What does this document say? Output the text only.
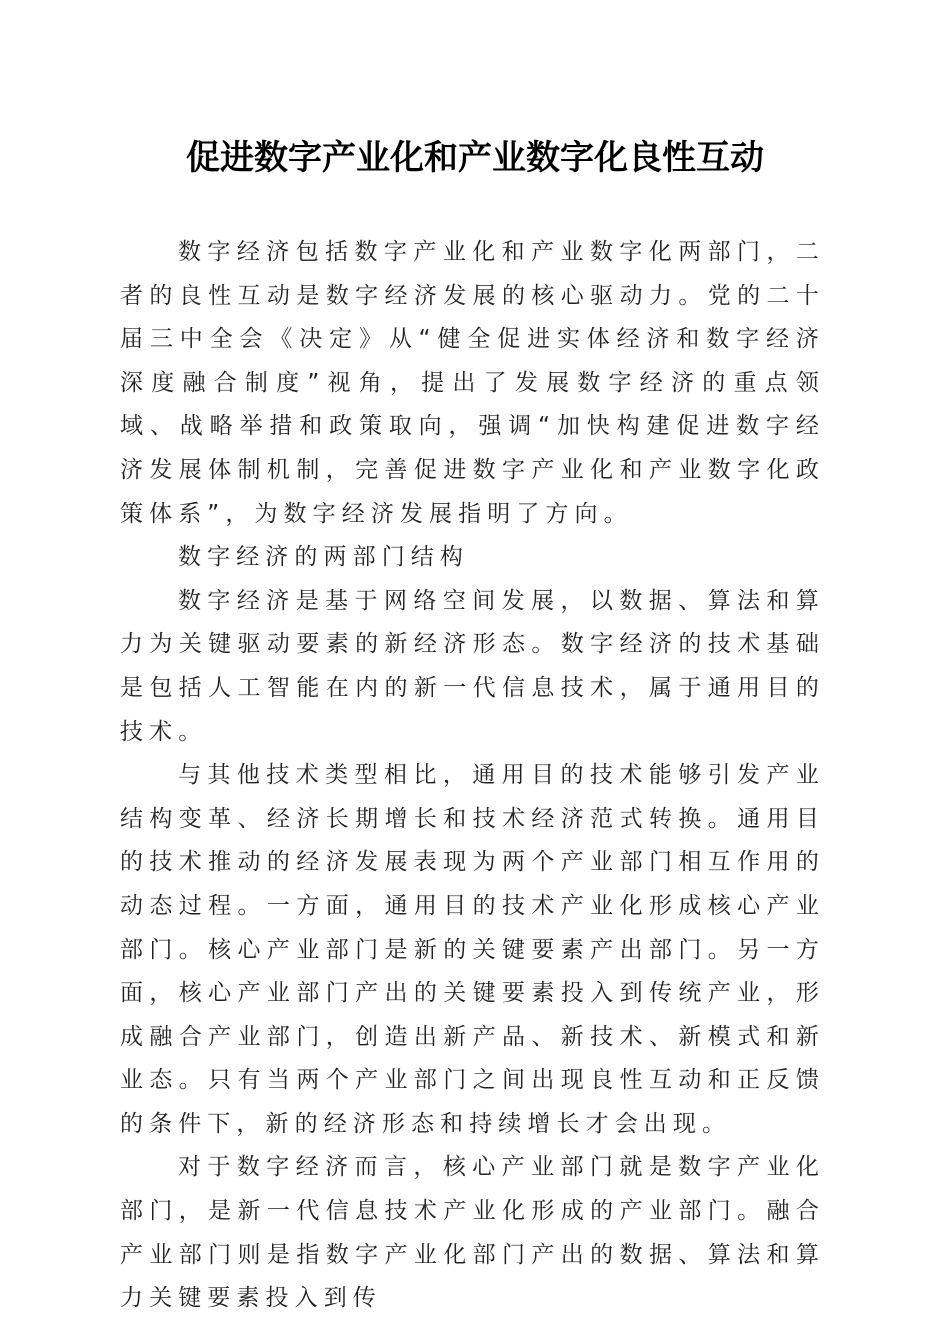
促进数字产业化和产业数字化良性互动

数字经济包括数字产业化和产业数字化两部门，二者的良性互动是数字经济发展的核心驱动力。党的二十届三中全会《决定》从“健全促进实体经济和数字经济深度融合制度”视角，提出了发展数字经济的重点领域、战略举措和政策取向，强调“加快构建促进数字经济发展体制机制，完善促进数字产业化和产业数字化政策体系”，为数字经济发展指明了方向。

数字经济的两部门结构

数字经济是基于网络空间发展，以数据、算法和算力为关键驱动要素的新经济形态。数字经济的技术基础是包括人工智能在内的新一代信息技术，属于通用目的技术。

与其他技术类型相比，通用目的技术能够引发产业结构变革、经济长期增长和技术经济范式转换。通用目的技术推动的经济发展表现为两个产业部门相互作用的动态过程。一方面，通用目的技术产业化形成核心产业部门。核心产业部门是新的关键要素产出部门。另一方面，核心产业部门产出的关键要素投入到传统产业，形成融合产业部门，创造出新产品、新技术、新模式和新业态。只有当两个产业部门之间出现良性互动和正反馈的条件下，新的经济形态和持续增长才会出现。

对于数字经济而言，核心产业部门就是数字产业化部门，是新一代信息技术产业化形成的产业部门。融合产业部门则是指数字产业化部门产出的数据、算法和算力关键要素投入到传
